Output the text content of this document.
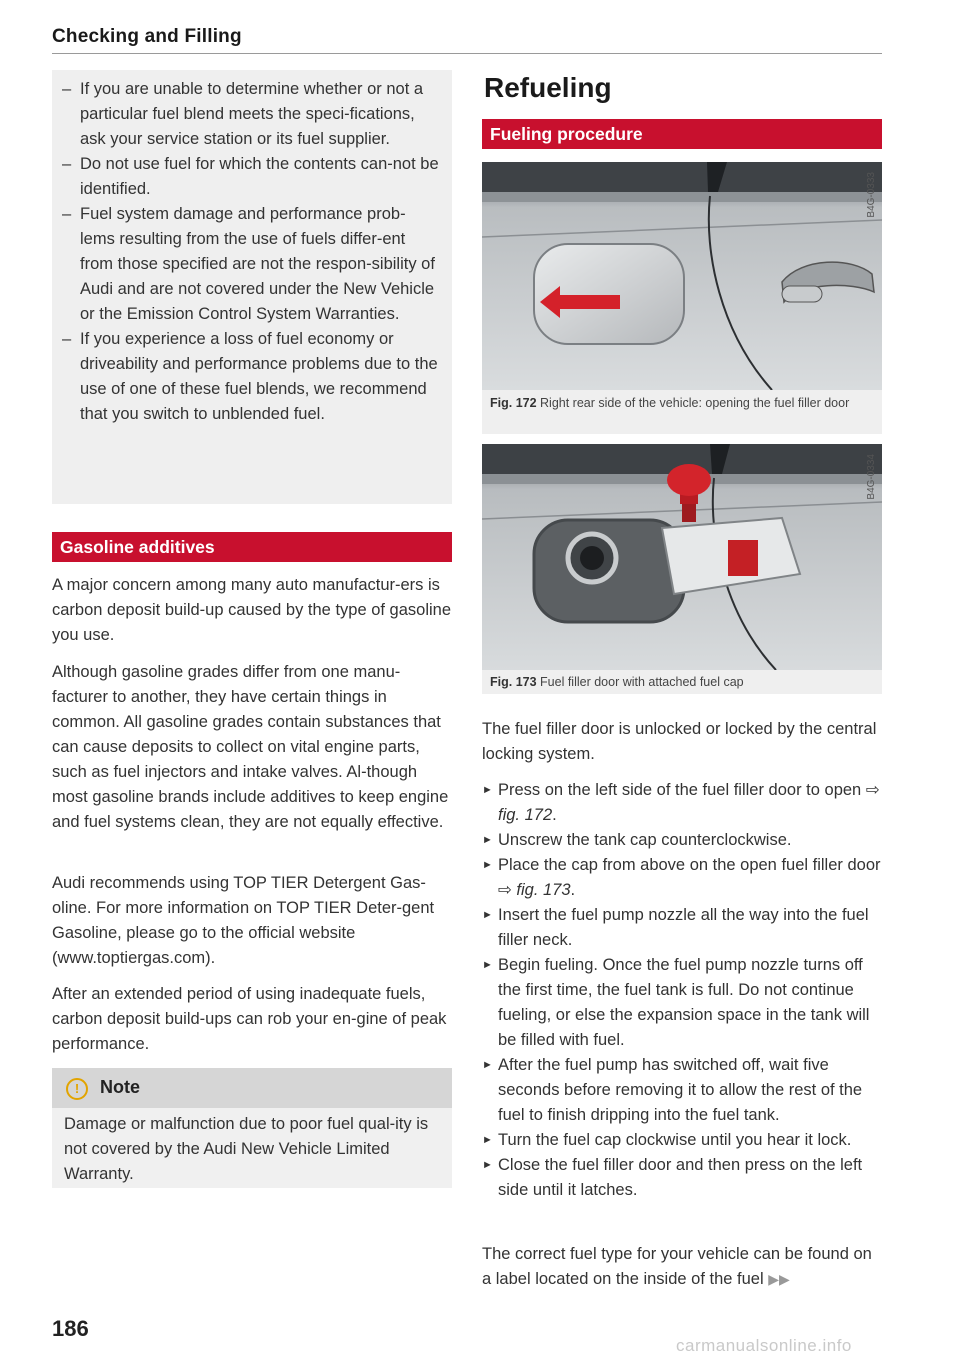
Checking and Filling
– If you are unable to determine whether or not a particular fuel blend meets the speci-fications, ask your service station or its fuel supplier.
– Do not use fuel for which the contents can-not be identified.
– Fuel system damage and performance prob-lems resulting from the use of fuels differ-ent from those specified are not the respon-sibility of Audi and are not covered under the New Vehicle or the Emission Control System Warranties.
– If you experience a loss of fuel economy or driveability and performance problems due to the use of one of these fuel blends, we recommend that you switch to unblended fuel.
Gasoline additives

A major concern among many auto manufactur-ers is carbon deposit build-up caused by the type of gasoline you use.

Although gasoline grades differ from one manu-facturer to another, they have certain things in common. All gasoline grades contain substances that can cause deposits to collect on vital engine parts, such as fuel injectors and intake valves. Al-though most gasoline brands include additives to keep engine and fuel systems clean, they are not equally effective.

Audi recommends using TOP TIER Detergent Gas-oline. For more information on TOP TIER Deter-gent Gasoline, please go to the official website (www.toptiergas.com).

After an extended period of using inadequate fuels, carbon deposit build-ups can rob your en-gine of peak performance.

!	Note

Damage or malfunction due to poor fuel qual-ity is not covered by the Audi New Vehicle Limited Warranty.

Refueling
Fueling procedure
B4G-0333
Fig. 172 Right rear side of the vehicle: opening the fuel filler door
B4G-0334
Fig. 173 Fuel filler door with attached fuel cap

The fuel filler door is unlocked or locked by the central locking system.

► Press on the left side of the fuel filler door to open ⇨ fig. 172.
► Unscrew the tank cap counterclockwise.
► Place the cap from above on the open fuel filler door ⇨ fig. 173.
► Insert the fuel pump nozzle all the way into the fuel filler neck.
► Begin fueling. Once the fuel pump nozzle turns off the first time, the fuel tank is full. Do not continue fueling, or else the expansion space in the tank will be filled with fuel.
► After the fuel pump has switched off, wait five seconds before removing it to allow the rest of the fuel to finish dripping into the fuel tank.
► Turn the fuel cap clockwise until you hear it lock.
► Close the fuel filler door and then press on the left side until it latches.

The correct fuel type for your vehicle can be found on a label located on the inside of the fuel ▶▶

186
carmanualsonline.info
